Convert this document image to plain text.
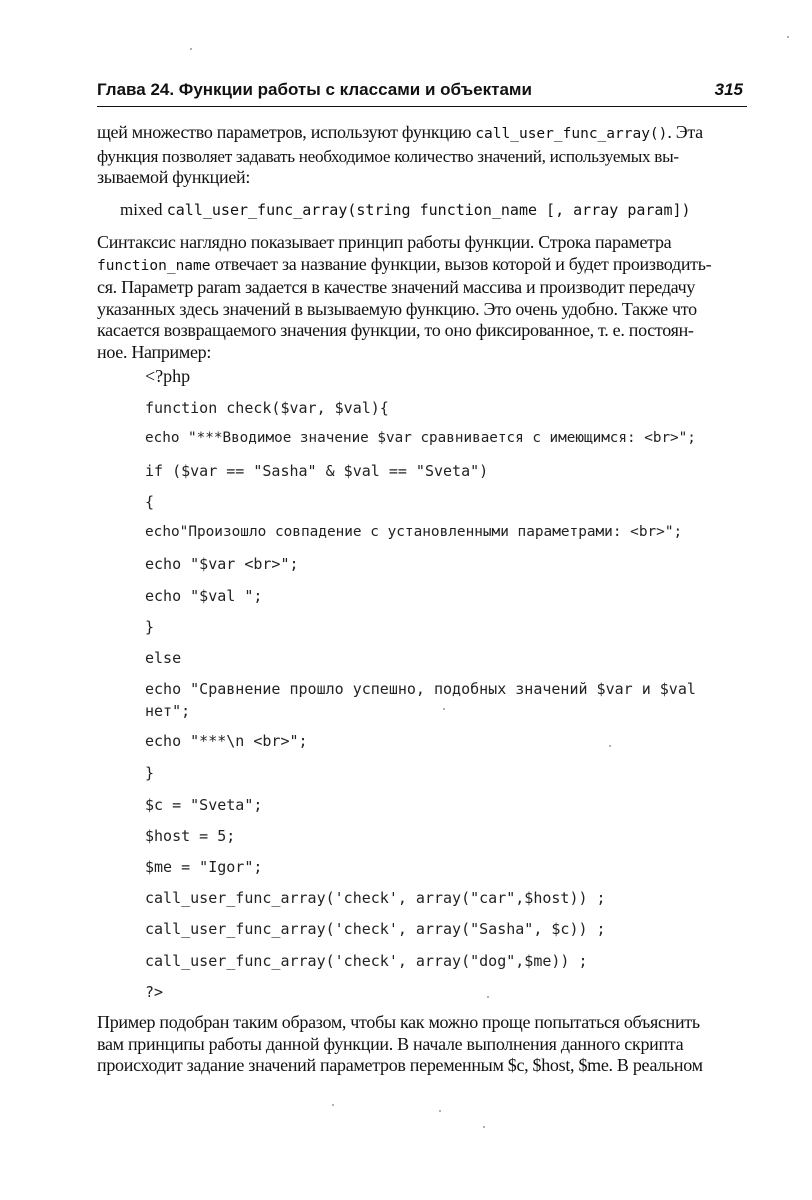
Глава 24. Функции работы с классами и объектами	315
щей множество параметров, используют функцию call_user_func_array(). Эта
функция позволяет задавать необходимое количество значений, используемых вы-
зываемой функцией:
mixed call_user_func_array(string function_name [, array param])
Синтаксис наглядно показывает принцип работы функции. Строка параметра
function_name отвечает за название функции, вызов которой и будет производить-
ся. Параметр param задается в качестве значений массива и производит передачу
указанных здесь значений в вызываемую функцию. Это очень удобно. Также что
касается возвращаемого значения функции, то оно фиксированное, т. е. постоян-
ное. Например:
<?php
function check($var, $val){
echo "***Вводимое значение $var сравнивается с имеющимся: <br>";
if ($var == "Sasha" & $val == "Sveta")
{
echo"Произошло совпадение с установленными параметрами: <br>";
echo "$var <br>";
echo "$val ";
}
else
echo "Сравнение прошло успешно, подобных значений $var и $val
нет";
echo "***\n <br>";
}
$c = "Sveta";
$host = 5;
$me = "Igor";
call_user_func_array('check', array("car",$host)) ;
call_user_func_array('check', array("Sasha", $c)) ;
call_user_func_array('check', array("dog",$me)) ;
?>
Пример подобран таким образом, чтобы как можно проще попытаться объяснить
вам принципы работы данной функции. В начале выполнения данного скрипта
происходит задание значений параметров переменным $c, $host, $me. В реальном
